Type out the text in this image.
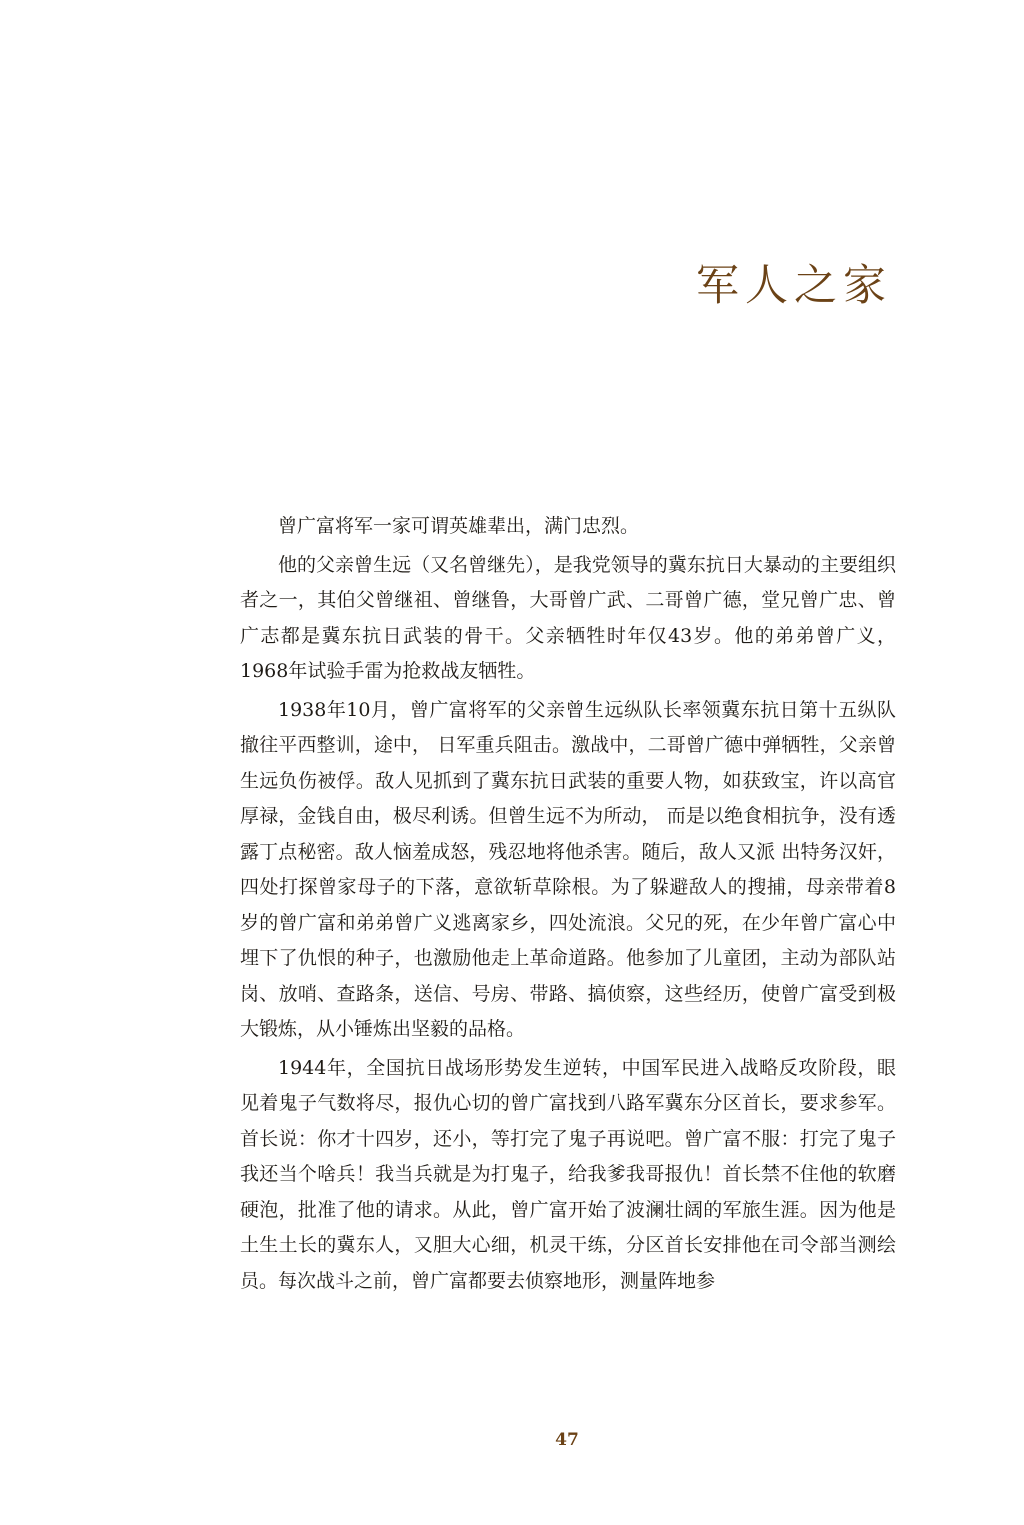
军人之家

曾广富将军一家可谓英雄辈出，满门忠烈。

他的父亲曾生远（又名曾继先），是我党领导的冀东抗日大暴动的主要组织者之一，其伯父曾继祖、曾继鲁，大哥曾广武、二哥曾广德，堂兄曾广忠、曾广志都是冀东抗日武装的骨干。父亲牺牲时年仅43岁。他的弟弟曾广义，1968年试验手雷为抢救战友牺牲。

1938年10月，曾广富将军的父亲曾生远纵队长率领冀东抗日第十五纵队撤往平西整训，途中， 日军重兵阻击。激战中，二哥曾广德中弹牺牲，父亲曾生远负伤被俘。敌人见抓到了冀东抗日武装的重要人物，如获致宝，许以高官厚禄，金钱自由，极尽利诱。但曾生远不为所动， 而是以绝食相抗争，没有透露丁点秘密。敌人恼羞成怒，残忍地将他杀害。随后，敌人又派 出特务汉奸，四处打探曾家母子的下落，意欲斩草除根。为了躲避敌人的搜捕，母亲带着8岁的曾广富和弟弟曾广义逃离家乡，四处流浪。父兄的死，在少年曾广富心中埋下了仇恨的种子，也激励他走上革命道路。他参加了儿童团，主动为部队站岗、放哨、查路条，送信、号房、带路、搞侦察，这些经历，使曾广富受到极大锻炼，从小锤炼出坚毅的品格。

1944年，全国抗日战场形势发生逆转，中国军民进入战略反攻阶段，眼见着鬼子气数将尽，报仇心切的曾广富找到八路军冀东分区首长，要求参军。首长说：你才十四岁，还小，等打完了鬼子再说吧。曾广富不服：打完了鬼子我还当个啥兵！我当兵就是为打鬼子，给我爹我哥报仇！首长禁不住他的软磨硬泡，批准了他的请求。从此，曾广富开始了波澜壮阔的军旅生涯。因为他是土生土长的冀东人，又胆大心细，机灵干练，分区首长安排他在司令部当测绘员。每次战斗之前，曾广富都要去侦察地形，测量阵地参

47
